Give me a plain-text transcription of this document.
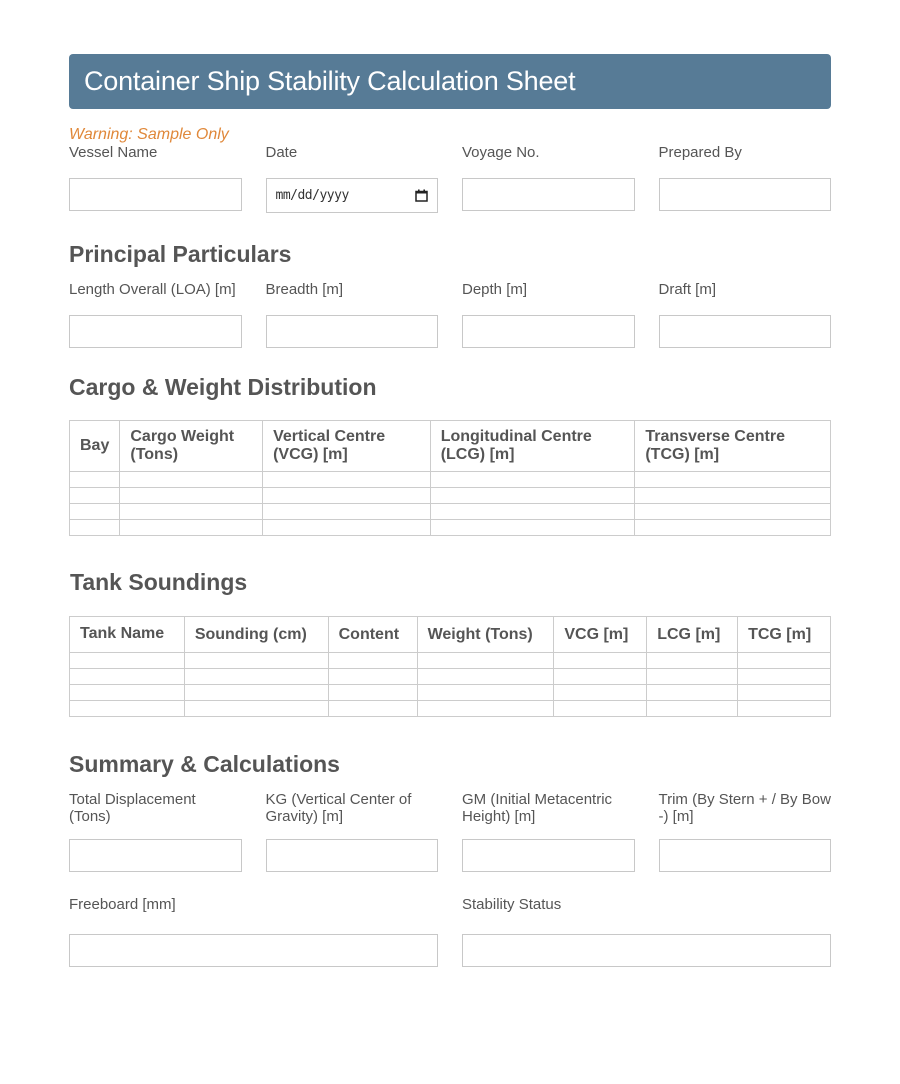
Container Ship Stability Calculation Sheet
Warning: Sample Only
Vessel Name	Date
mm/dd/yyyy
Voyage No.	Prepared By
Principal Particulars
Length Overall (LOA) [m]	Breadth [m]	Depth [m]	Draft [m]
Cargo & Weight Distribution
Bay	Cargo Weight (Tons)	Vertical Centre (VCG) [m]	Longitudinal Centre (LCG) [m]	Transverse Centre (TCG) [m]

Tank Soundings
Tank Name	Sounding (cm)	Content	Weight (Tons)	VCG [m]	LCG [m]	TCG [m]

Summary & Calculations
Total Displacement (Tons)
KG (Vertical Center of Gravity) [m]
GM (Initial Metacentric Height) [m]
Trim (By Stern + / By Bow -) [m]
Freeboard [mm]	Stability Status
